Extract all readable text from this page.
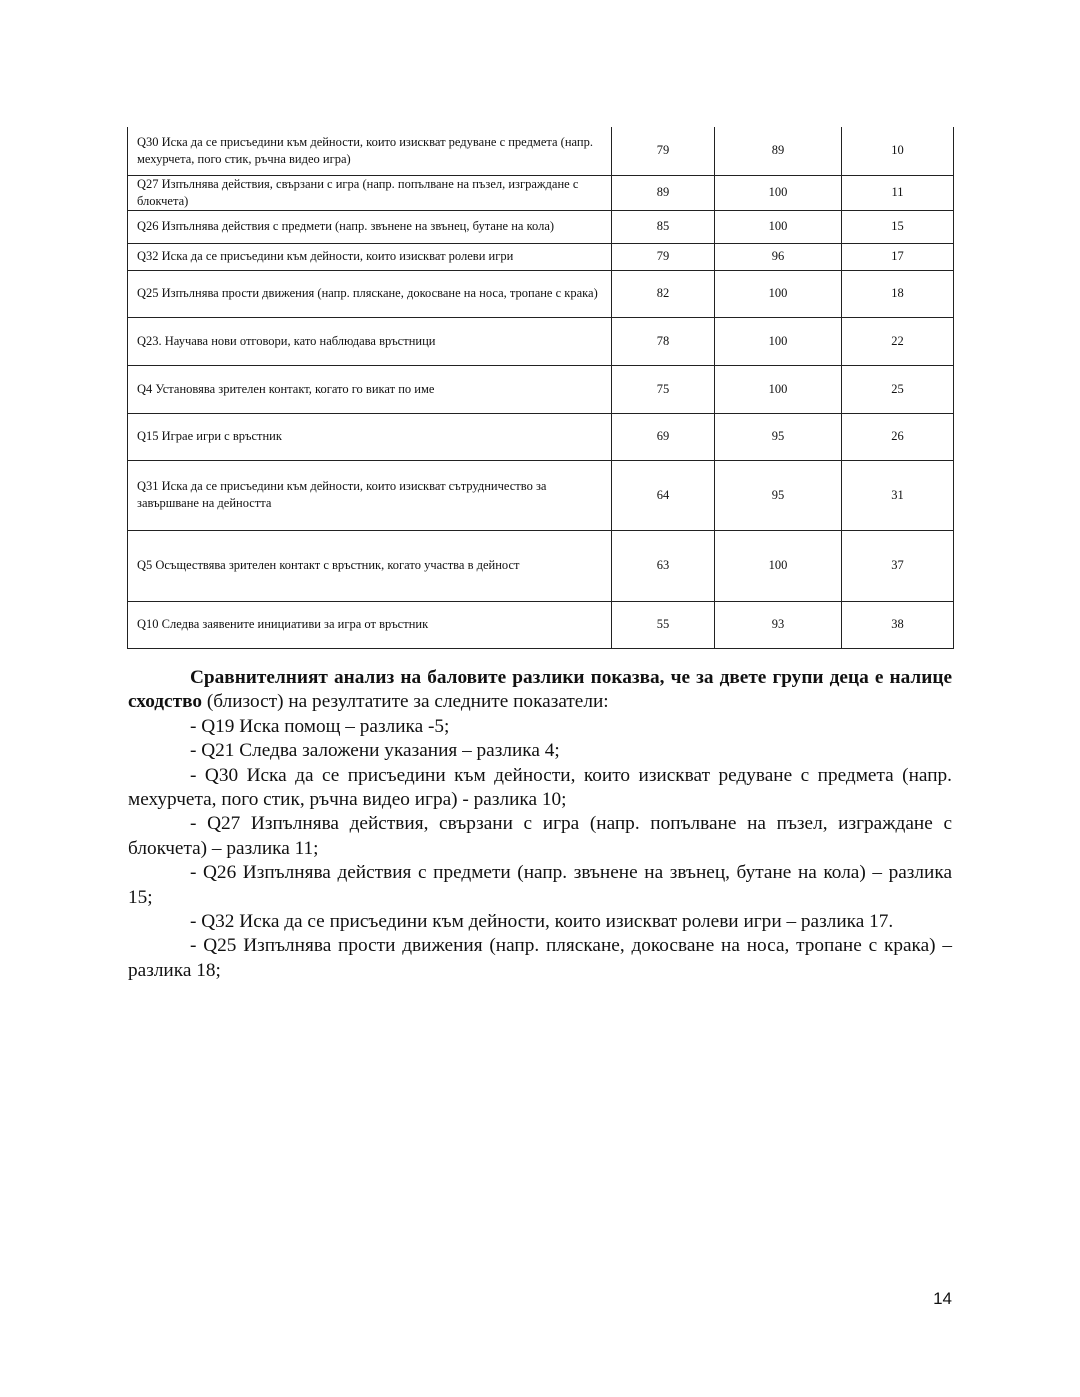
Q30 Иска да се присъедини към дейности, които изискват редуване с предмета (напр. мехурчета, пого стик, ръчна видео игра)	79	89	10
Q27 Изпълнява действия, свързани с игра (напр. попълване на пъзел, изграждане с блокчета)	89	100	11
Q26 Изпълнява действия с предмети (напр. звънене на звънец, бутане на кола)	85	100	15
Q32 Иска да се присъедини към дейности, които изискват ролеви игри	79	96	17
Q25 Изпълнява прости движения (напр. пляскане, докосване на носа, тропане с крака)	82	100	18
Q23. Научава нови отговори, като наблюдава връстници	78	100	22
Q4 Установява зрителен контакт, когато го викат по име	75	100	25
Q15 Играе игри с връстник	69	95	26
Q31 Иска да се присъедини към дейности, които изискват сътрудничество за завършване на дейността	64	95	31
Q5 Осъществява зрителен контакт с връстник, когато участва в дейност	63	100	37
Q10 Следва заявените инициативи за игра от връстник	55	93	38

Сравнителният анализ на баловите разлики показва, че за двете групи деца е налице сходство (близост) на резултатите за следните показатели:

- Q19 Иска помощ – разлика -5;

- Q21 Следва заложени указания – разлика 4;

- Q30 Иска да се присъедини към дейности, които изискват редуване с предмета (напр. мехурчета, пого стик, ръчна видео игра) - разлика 10;

- Q27 Изпълнява действия, свързани с игра (напр. попълване на пъзел, изграждане с блокчета) – разлика 11;

- Q26 Изпълнява действия с предмети (напр. звънене на звънец, бутане на кола) – разлика 15;

- Q32 Иска да се присъедини към дейности, които изискват ролеви игри – разлика 17.

- Q25 Изпълнява прости движения (напр. пляскане, докосване на носа, тропане с крака) – разлика 18;

14
